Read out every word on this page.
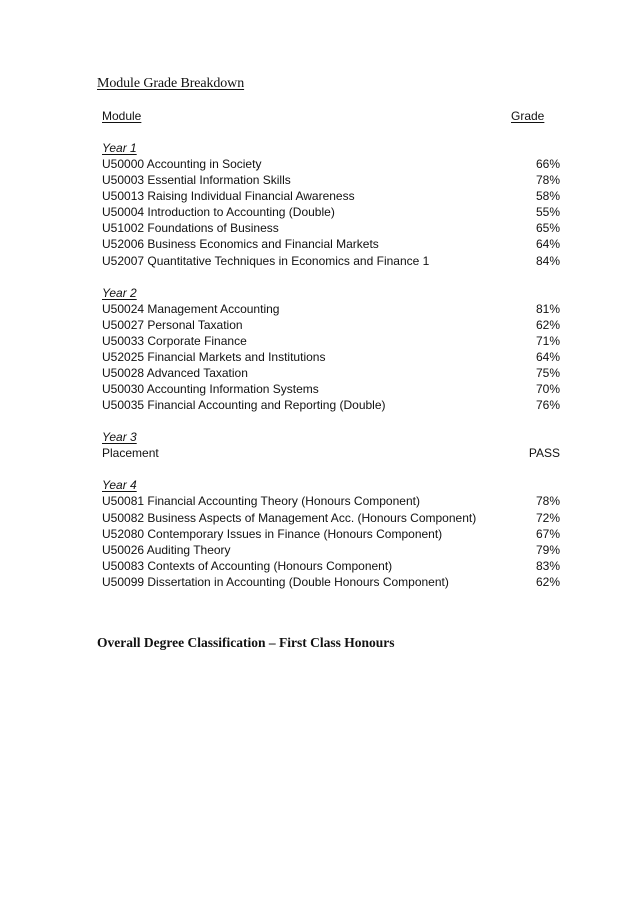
Module Grade Breakdown
Module	Grade
Year 1
U50000 Accounting in Society	66%
U50003 Essential Information Skills	78%
U50013 Raising Individual Financial Awareness	58%
U50004 Introduction to Accounting (Double)	55%
U51002 Foundations of Business	65%
U52006 Business Economics and Financial Markets	64%
U52007 Quantitative Techniques in Economics and Finance 1	84%
Year 2
U50024 Management Accounting	81%
U50027 Personal Taxation	62%
U50033 Corporate Finance	71%
U52025 Financial Markets and Institutions	64%
U50028 Advanced Taxation	75%
U50030 Accounting Information Systems	70%
U50035 Financial Accounting and Reporting (Double)	76%
Year 3
Placement	PASS
Year 4
U50081 Financial Accounting Theory (Honours Component)	78%
U50082 Business Aspects of Management Acc. (Honours Component)	72%
U52080 Contemporary Issues in Finance (Honours Component)	67%
U50026 Auditing Theory	79%
U50083 Contexts of Accounting (Honours Component)	83%
U50099 Dissertation in Accounting (Double Honours Component)	62%
Overall Degree Classification – First Class Honours
